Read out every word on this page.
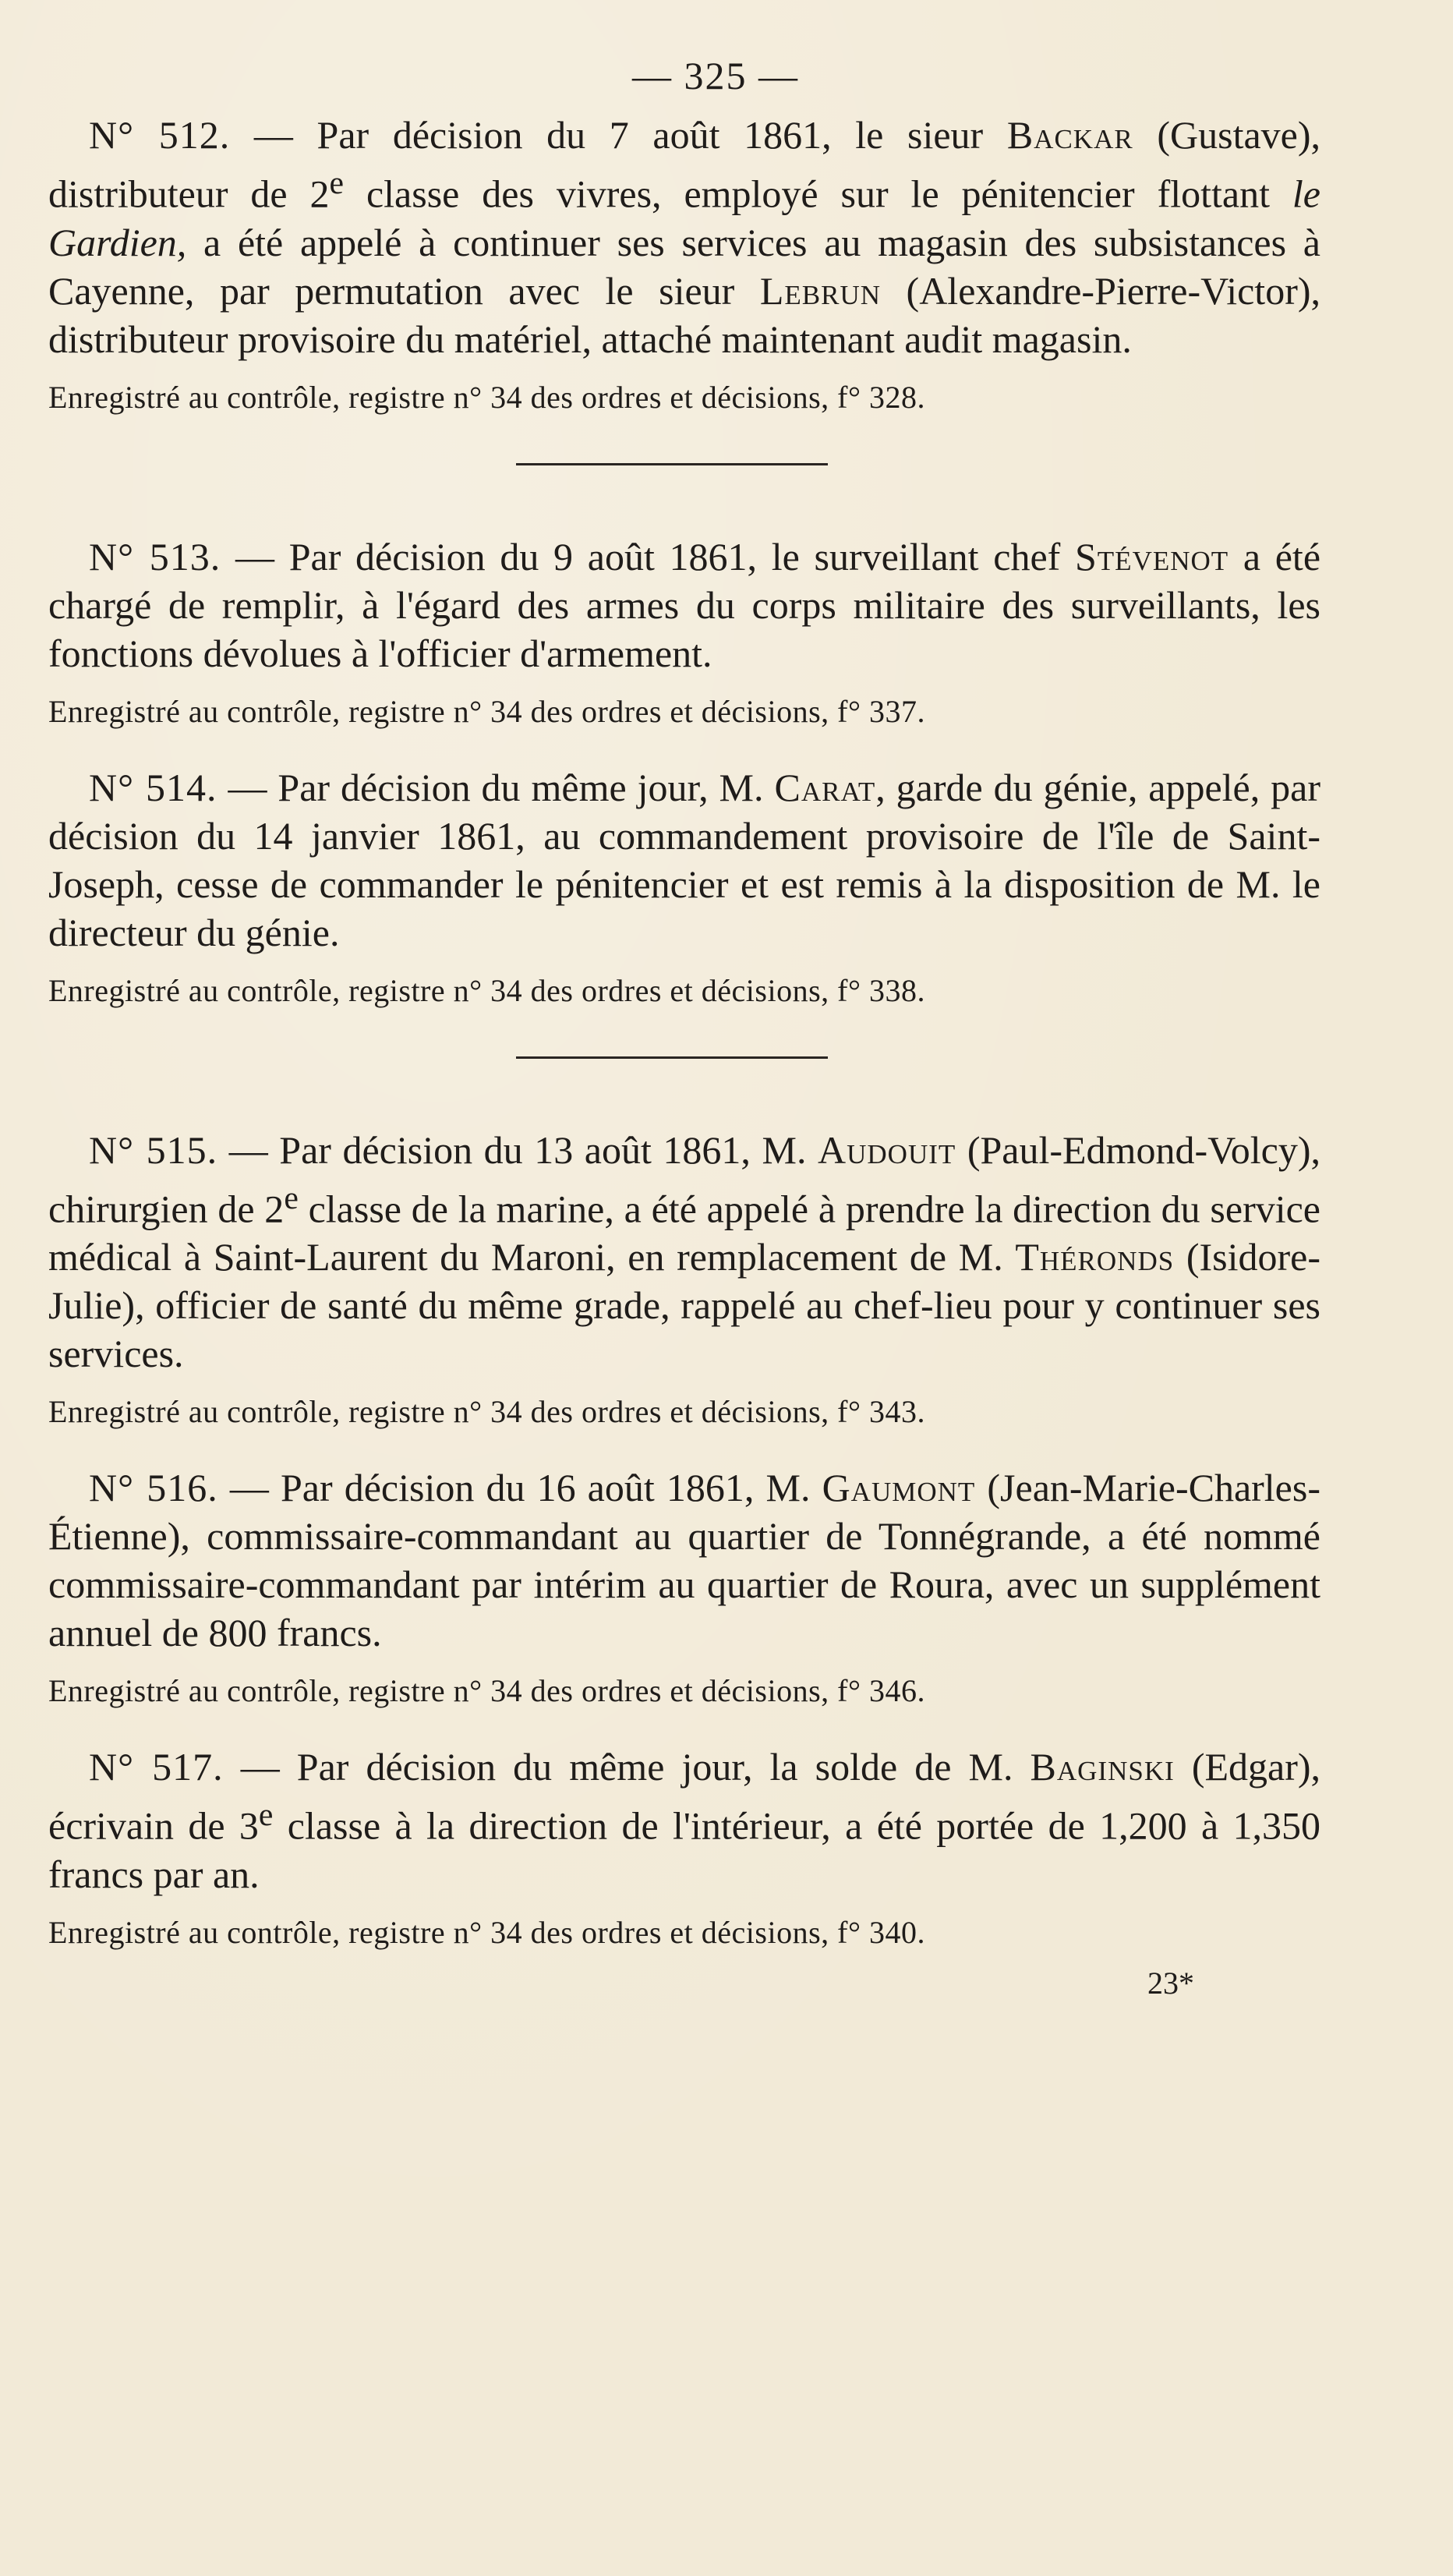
— 325 —

N° 512. — Par décision du 7 août 1861, le sieur Backar (Gustave), distributeur de 2e classe des vivres, employé sur le pénitencier flottant le Gardien, a été appelé à continuer ses services au magasin des subsistances à Cayenne, par permutation avec le sieur Lebrun (Alexandre-Pierre-Victor), distributeur provisoire du matériel, attaché maintenant audit magasin.

Enregistré au contrôle, registre n° 34 des ordres et décisions, f° 328.

N° 513. — Par décision du 9 août 1861, le surveillant chef Stévenot a été chargé de remplir, à l'égard des armes du corps militaire des surveillants, les fonctions dévolues à l'officier d'armement.

Enregistré au contrôle, registre n° 34 des ordres et décisions, f° 337.

N° 514. — Par décision du même jour, M. Carat, garde du génie, appelé, par décision du 14 janvier 1861, au commandement provisoire de l'île de Saint-Joseph, cesse de commander le pénitencier et est remis à la disposition de M. le directeur du génie.

Enregistré au contrôle, registre n° 34 des ordres et décisions, f° 338.

N° 515. — Par décision du 13 août 1861, M. Audouit (Paul-Edmond-Volcy), chirurgien de 2e classe de la marine, a été appelé à prendre la direction du service médical à Saint-Laurent du Maroni, en remplacement de M. Théronds (Isidore-Julie), officier de santé du même grade, rappelé au chef-lieu pour y continuer ses services.

Enregistré au contrôle, registre n° 34 des ordres et décisions, f° 343.

N° 516. — Par décision du 16 août 1861, M. Gaumont (Jean-Marie-Charles-Étienne), commissaire-commandant au quartier de Tonnégrande, a été nommé commissaire-commandant par intérim au quartier de Roura, avec un supplément annuel de 800 francs.

Enregistré au contrôle, registre n° 34 des ordres et décisions, f° 346.

N° 517. — Par décision du même jour, la solde de M. Baginski (Edgar), écrivain de 3e classe à la direction de l'intérieur, a été portée de 1,200 à 1,350 francs par an.

Enregistré au contrôle, registre n° 34 des ordres et décisions, f° 340.

23*
